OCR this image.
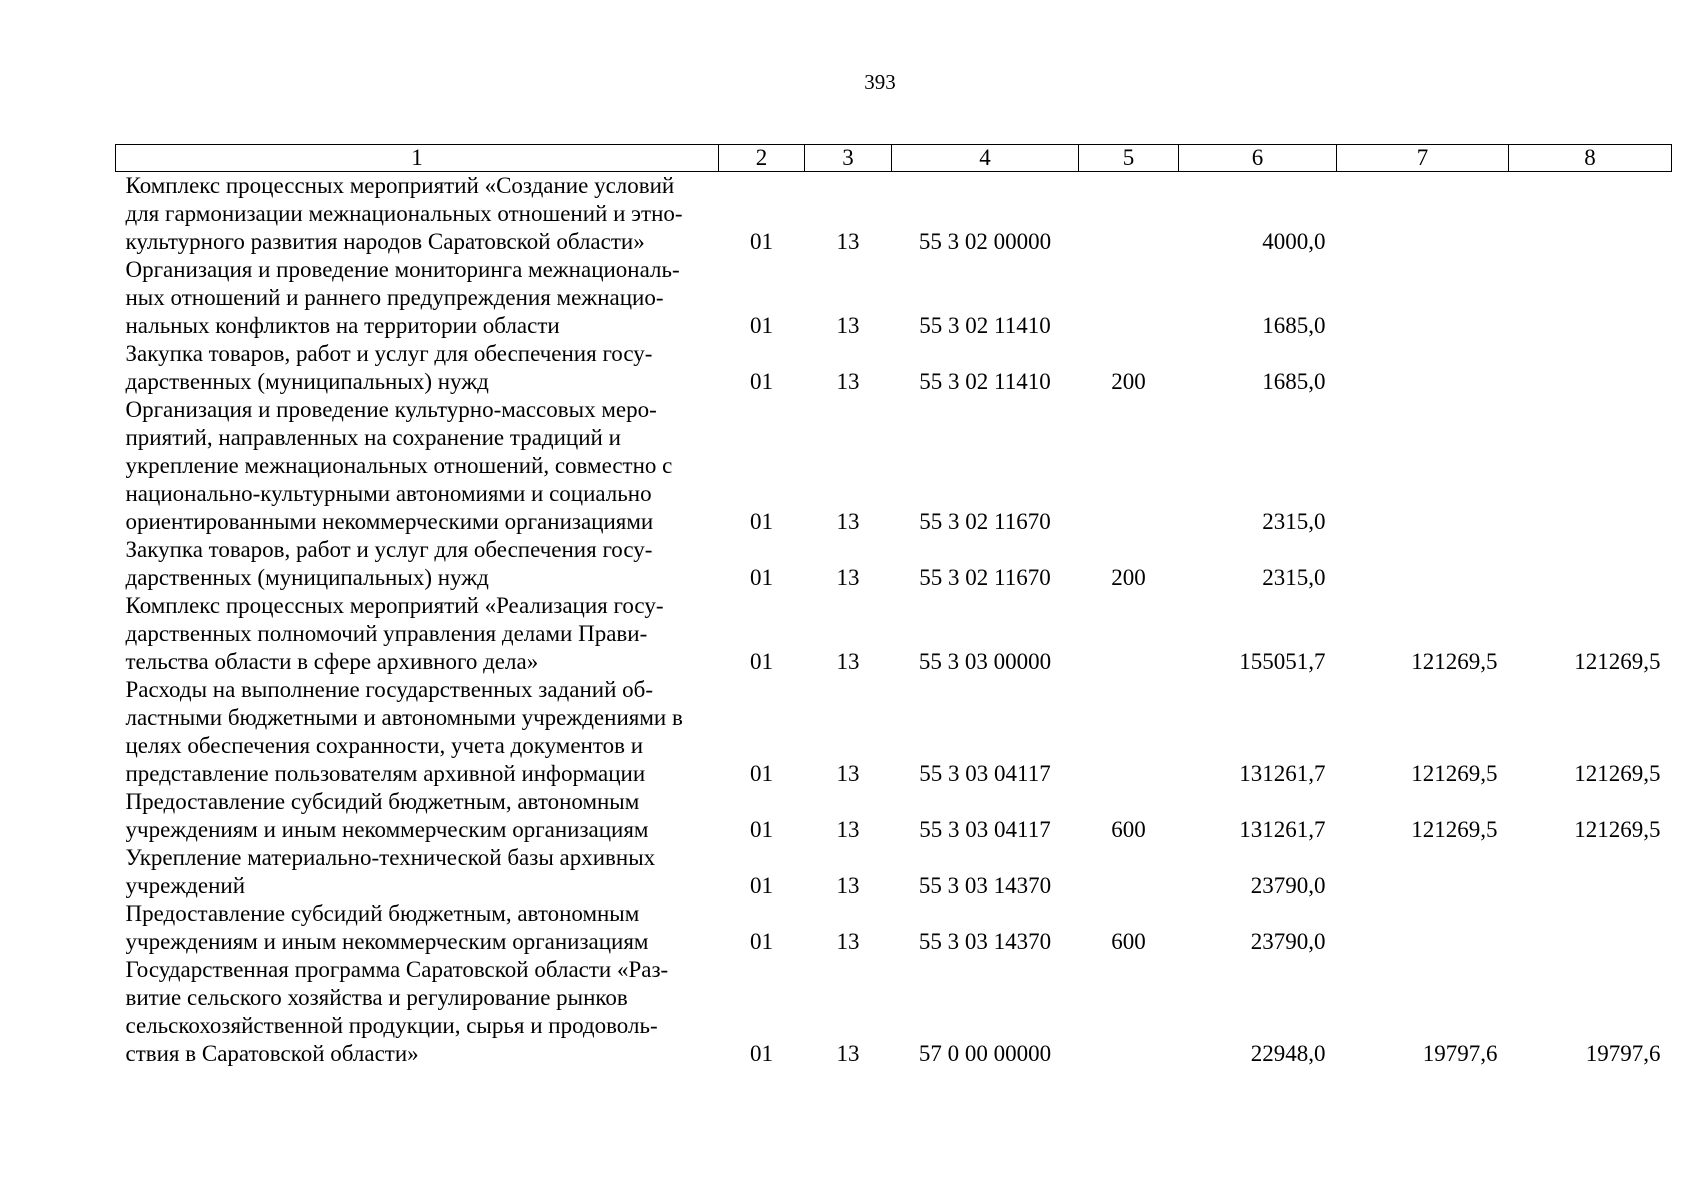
393
1	2	3	4	5	6	7	8
Комплекс процессных мероприятий «Создание условий
для гармонизации межнациональных отношений и этно-
культурного развития народов Саратовской области»	01	13	55 3 02 00000		4000,0		
Организация и проведение мониторинга межнациональ-
ных отношений и раннего предупреждения межнацио-
нальных конфликтов на территории области	01	13	55 3 02 11410		1685,0		
Закупка товаров, работ и услуг для обеспечения госу-
дарственных (муниципальных) нужд	01	13	55 3 02 11410	200	1685,0		
Организация и проведение культурно-массовых меро-
приятий, направленных на сохранение традиций и
укрепление межнациональных отношений, совместно с
национально-культурными автономиями и социально
ориентированными некоммерческими организациями	01	13	55 3 02 11670		2315,0		
Закупка товаров, работ и услуг для обеспечения госу-
дарственных (муниципальных) нужд	01	13	55 3 02 11670	200	2315,0		
Комплекс процессных мероприятий «Реализация госу-
дарственных полномочий управления делами Прави-
тельства области в сфере архивного дела»	01	13	55 3 03 00000		155051,7	121269,5	121269,5
Расходы на выполнение государственных заданий об-
ластными бюджетными и автономными учреждениями в
целях обеспечения сохранности, учета документов и
представление пользователям архивной информации	01	13	55 3 03 04117		131261,7	121269,5	121269,5
Предоставление субсидий бюджетным, автономным
учреждениям и иным некоммерческим организациям	01	13	55 3 03 04117	600	131261,7	121269,5	121269,5
Укрепление материально-технической базы архивных
учреждений	01	13	55 3 03 14370		23790,0		
Предоставление субсидий бюджетным, автономным
учреждениям и иным некоммерческим организациям	01	13	55 3 03 14370	600	23790,0		
Государственная программа Саратовской области «Раз-
витие сельского хозяйства и регулирование рынков
сельскохозяйственной продукции, сырья и продоволь-
ствия в Саратовской области»	01	13	57 0 00 00000		22948,0	19797,6	19797,6
